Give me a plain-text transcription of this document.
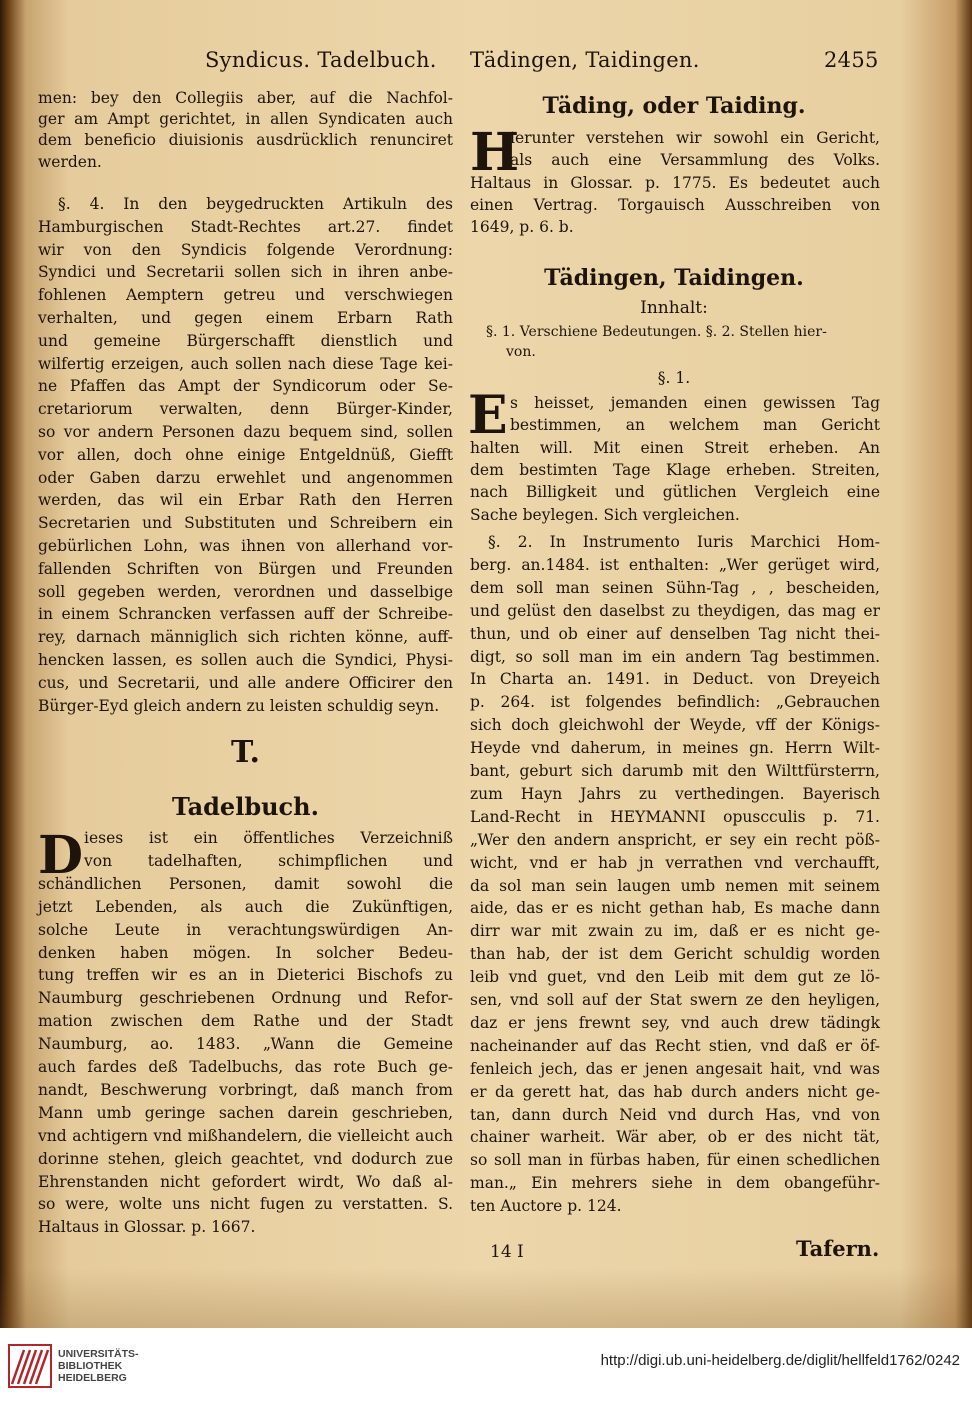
Syndicus. Tadelbuch. Tädingen, Taidingen.	2455
men: bey den Collegiis aber, auf die Nachfol-
ger am Ampt gerichtet, in allen Syndicaten auch
dem beneficio diuisionis ausdrücklich renunciret
werden.
§. 4. In den beygedruckten Artikuln des
Hamburgischen Stadt-Rechtes art.27. findet
wir von den Syndicis folgende Verordnung:
Syndici und Secretarii sollen sich in ihren anbe-
fohlenen Aemptern getreu und verschwiegen
verhalten, und gegen einem Erbarn Rath
und gemeine Bürgerschafft dienstlich und
wilfertig erzeigen, auch sollen nach diese Tage kei-
ne Pfaffen das Ampt der Syndicorum oder Se-
cretariorum verwalten, denn Bürger-Kinder,
so vor andern Personen dazu bequem sind, sollen
vor allen, doch ohne einige Entgeldnüß, Giefft
oder Gaben darzu erwehlet und angenommen
werden, das wil ein Erbar Rath den Herren
Secretarien und Substituten und Schreibern ein
gebürlichen Lohn, was ihnen von allerhand vor-
fallenden Schriften von Bürgen und Freunden
soll gegeben werden, verordnen und dasselbige
in einem Schrancken verfassen auff der Schreibe-
rey, darnach männiglich sich richten könne, auff-
hencken lassen, es sollen auch die Syndici, Physi-
cus, und Secretarii, und alle andere Officirer den
Bürger-Eyd gleich andern zu leisten schuldig seyn.
T.
Tadelbuch.
D ieses ist ein öffentliches Verzeichniß
von tadelhaften, schimpflichen und
schändlichen Personen, damit sowohl die
jetzt Lebenden, als auch die Zukünftigen,
solche Leute in verachtungswürdigen An-
denken haben mögen. In solcher Bedeu-
tung treffen wir es an in Dieterici Bischofs zu
Naumburg geschriebenen Ordnung und Refor-
mation zwischen dem Rathe und der Stadt
Naumburg, ao. 1483. „Wann die Gemeine
auch fardes deß Tadelbuchs, das rote Buch ge-
nandt, Beschwerung vorbringt, daß manch from
Mann umb geringe sachen darein geschrieben,
vnd achtigern vnd mißhandelern, die vielleicht auch
dorinne stehen, gleich geachtet, vnd dodurch zue
Ehrenstanden nicht gefordert wirdt, Wo daß al-
so were, wolte uns nicht fugen zu verstatten. S.
Haltaus in Glossar. p. 1667.
Täding, oder Taiding.
H
ierunter verstehen wir sowohl ein Gericht,
als auch eine Versammlung des Volks.
Haltaus in Glossar. p. 1775. Es bedeutet auch
einen Vertrag. Torgauisch Ausschreiben von
1649, p. 6. b.
Tädingen, Taidingen.
Innhalt:
§. 1. Verschiene Bedeutungen. §. 2. Stellen hier-
von.
§. 1.
E s heisset, jemanden einen gewissen Tag
bestimmen, an welchem man Gericht
halten will. Mit einen Streit erheben. An
dem bestimten Tage Klage erheben. Streiten,
nach Billigkeit und gütlichen Vergleich eine
Sache beylegen. Sich vergleichen.
§. 2. In Instrumento Iuris Marchici Hom-
berg. an.1484. ist enthalten: „Wer gerüget wird,
dem soll man seinen Sühn-Tag , , bescheiden,
und gelüst den daselbst zu theydigen, das mag er
thun, und ob einer auf denselben Tag nicht thei-
digt, so soll man im ein andern Tag bestimmen.
In Charta an. 1491. in Deduct. von Dreyeich
p. 264. ist folgendes befindlich: „Gebrauchen
sich doch gleichwohl der Weyde, vff der Königs-
Heyde vnd daherum, in meines gn. Herrn Wilt-
bant, geburt sich darumb mit den Wilttfürsterrn,
zum Hayn Jahrs zu verthedingen. Bayerisch
Land-Recht in HEYMANNI opuscculis p. 71.
„Wer den andern anspricht, er sey ein recht pöß-
wicht, vnd er hab jn verrathen vnd verchaufft,
da sol man sein laugen umb nemen mit seinem
aide, das er es nicht gethan hab, Es mache dann
dirr war mit zwain zu im, daß er es nicht ge-
than hab, der ist dem Gericht schuldig worden
leib vnd guet, vnd den Leib mit dem gut ze lö-
sen, vnd soll auf der Stat swern ze den heyligen,
daz er jens frewnt sey, vnd auch drew tädingk
nacheinander auf das Recht stien, vnd daß er öf-
fenleich jech, das er jenen angesait hait, vnd was
er da gerett hat, das hab durch anders nicht ge-
tan, dann durch Neid vnd durch Has, vnd von
chainer warheit. Wär aber, ob er des nicht tät,
so soll man in fürbas haben, für einen schedlichen
man.„ Ein mehrers siehe in dem obangeführ-
ten Auctore p. 124.
14 I	Tafern.
UNIVERSITÄTS-
BIBLIOTHEK
HEIDELBERG
http://digi.ub.uni-heidelberg.de/diglit/hellfeld1762/0242
